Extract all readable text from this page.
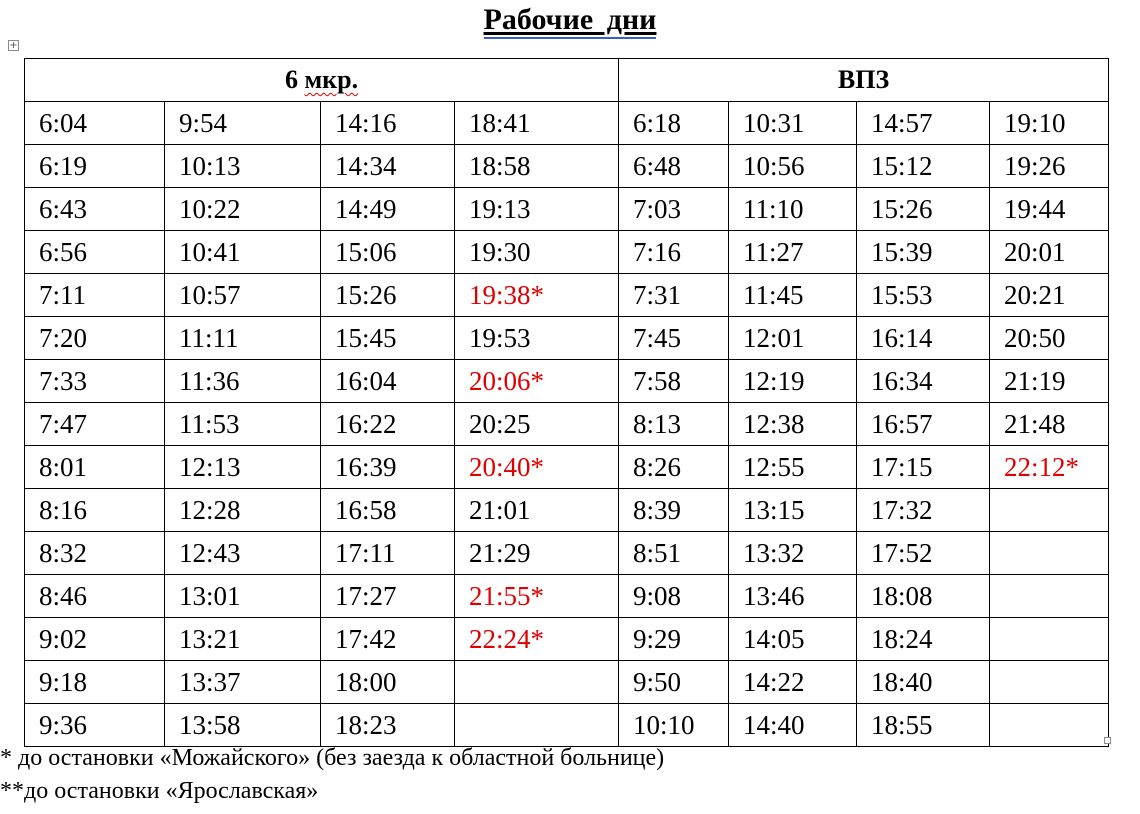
Рабочие дни
+
6 мкр.				ВПЗ			
6:04	9:54	14:16	18:41	6:18	10:31	14:57	19:10
6:19	10:13	14:34	18:58	6:48	10:56	15:12	19:26
6:43	10:22	14:49	19:13	7:03	11:10	15:26	19:44
6:56	10:41	15:06	19:30	7:16	11:27	15:39	20:01
7:11	10:57	15:26	19:38*	7:31	11:45	15:53	20:21
7:20	11:11	15:45	19:53	7:45	12:01	16:14	20:50
7:33	11:36	16:04	20:06*	7:58	12:19	16:34	21:19
7:47	11:53	16:22	20:25	8:13	12:38	16:57	21:48
8:01	12:13	16:39	20:40*	8:26	12:55	17:15	22:12*
8:16	12:28	16:58	21:01	8:39	13:15	17:32	
8:32	12:43	17:11	21:29	8:51	13:32	17:52	
8:46	13:01	17:27	21:55*	9:08	13:46	18:08	
9:02	13:21	17:42	22:24*	9:29	14:05	18:24	
9:18	13:37	18:00		9:50	14:22	18:40	
9:36	13:58	18:23		10:10	14:40	18:55	
* до остановки «Можайского» (без заезда к областной больнице)
**до остановки «Ярославская»
